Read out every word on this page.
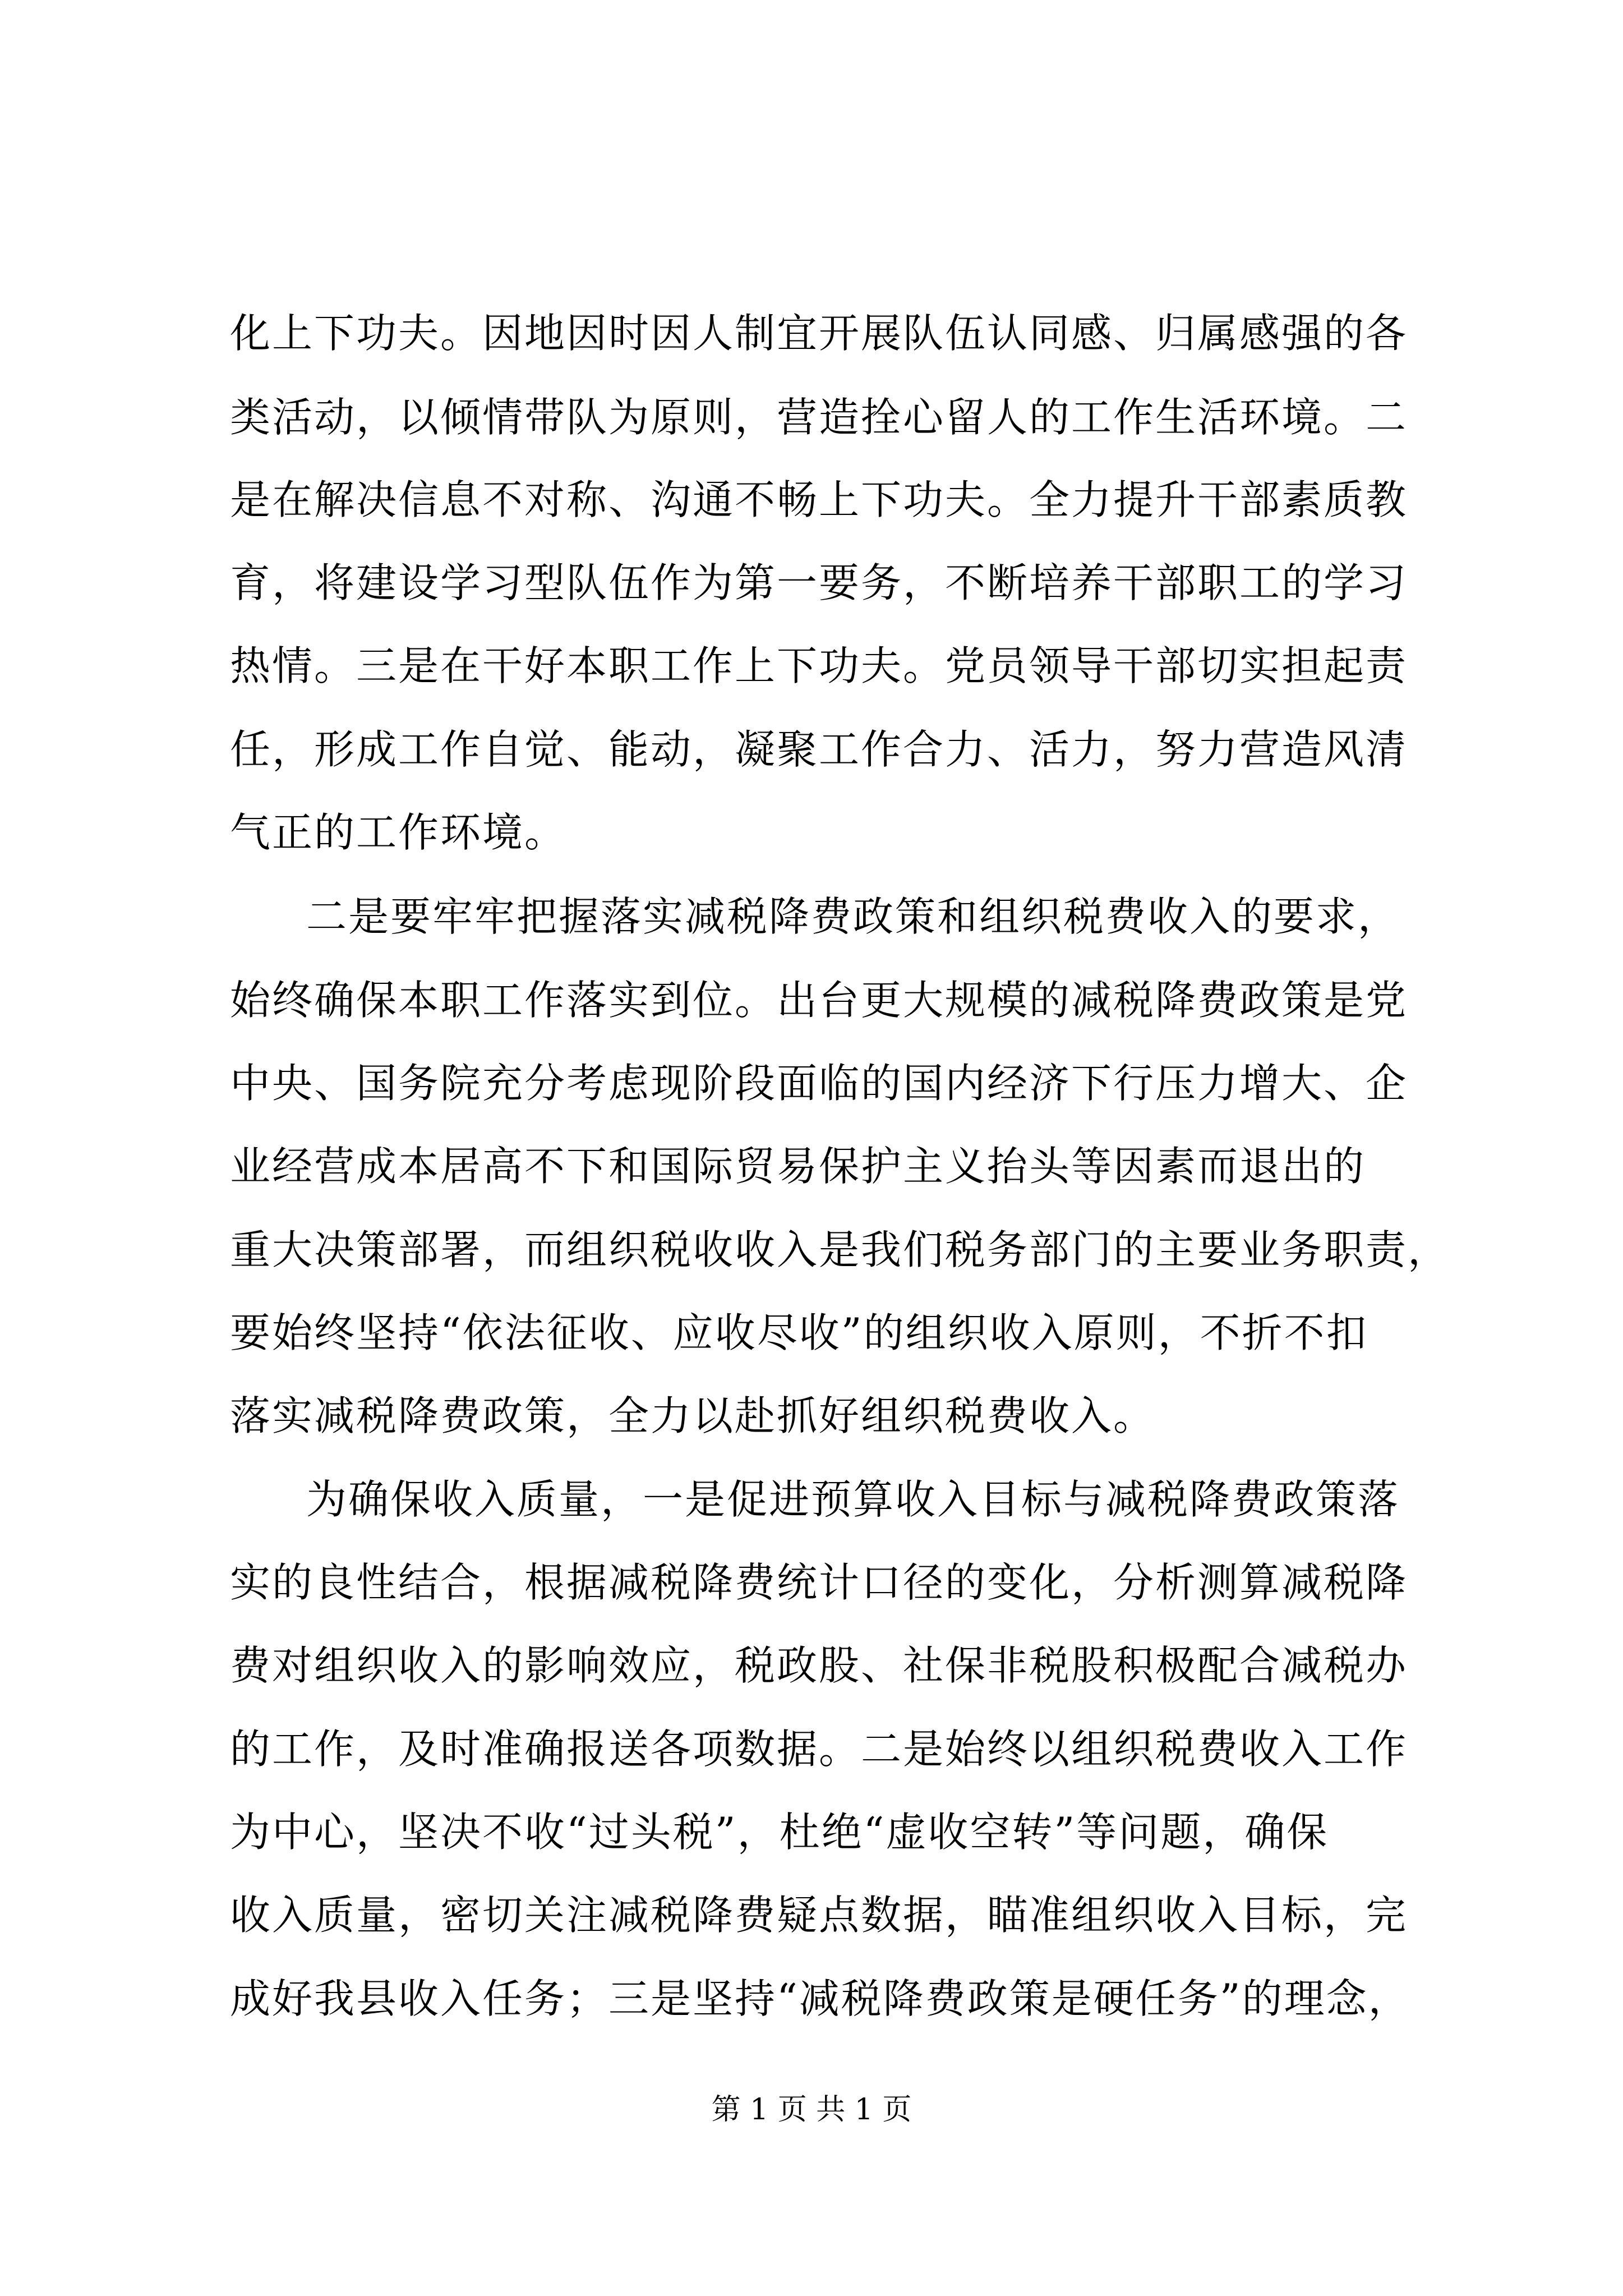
化上下功夫。因地因时因人制宜开展队伍认同感、归属感强的各
类活动，以倾情带队为原则，营造拴心留人的工作生活环境。二
是在解决信息不对称、沟通不畅上下功夫。全力提升干部素质教
育，将建设学习型队伍作为第一要务，不断培养干部职工的学习
热情。三是在干好本职工作上下功夫。党员领导干部切实担起责
任，形成工作自觉、能动，凝聚工作合力、活力，努力营造风清
气正的工作环境。
二是要牢牢把握落实减税降费政策和组织税费收入的要求，
始终确保本职工作落实到位。出台更大规模的减税降费政策是党
中央、国务院充分考虑现阶段面临的国内经济下行压力增大、企
业经营成本居高不下和国际贸易保护主义抬头等因素而退出的
重大决策部署，而组织税收收入是我们税务部门的主要业务职责，
要始终坚持“依法征收、应收尽收”的组织收入原则，不折不扣
落实减税降费政策，全力以赴抓好组织税费收入。
为确保收入质量，一是促进预算收入目标与减税降费政策落
实的良性结合，根据减税降费统计口径的变化，分析测算减税降
费对组织收入的影响效应，税政股、社保非税股积极配合减税办
的工作，及时准确报送各项数据。二是始终以组织税费收入工作
为中心，坚决不收“过头税”，杜绝“虚收空转”等问题，确保
收入质量，密切关注减税降费疑点数据，瞄准组织收入目标，完
成好我县收入任务；三是坚持“减税降费政策是硬任务”的理念，
第 1 页 共 1 页
